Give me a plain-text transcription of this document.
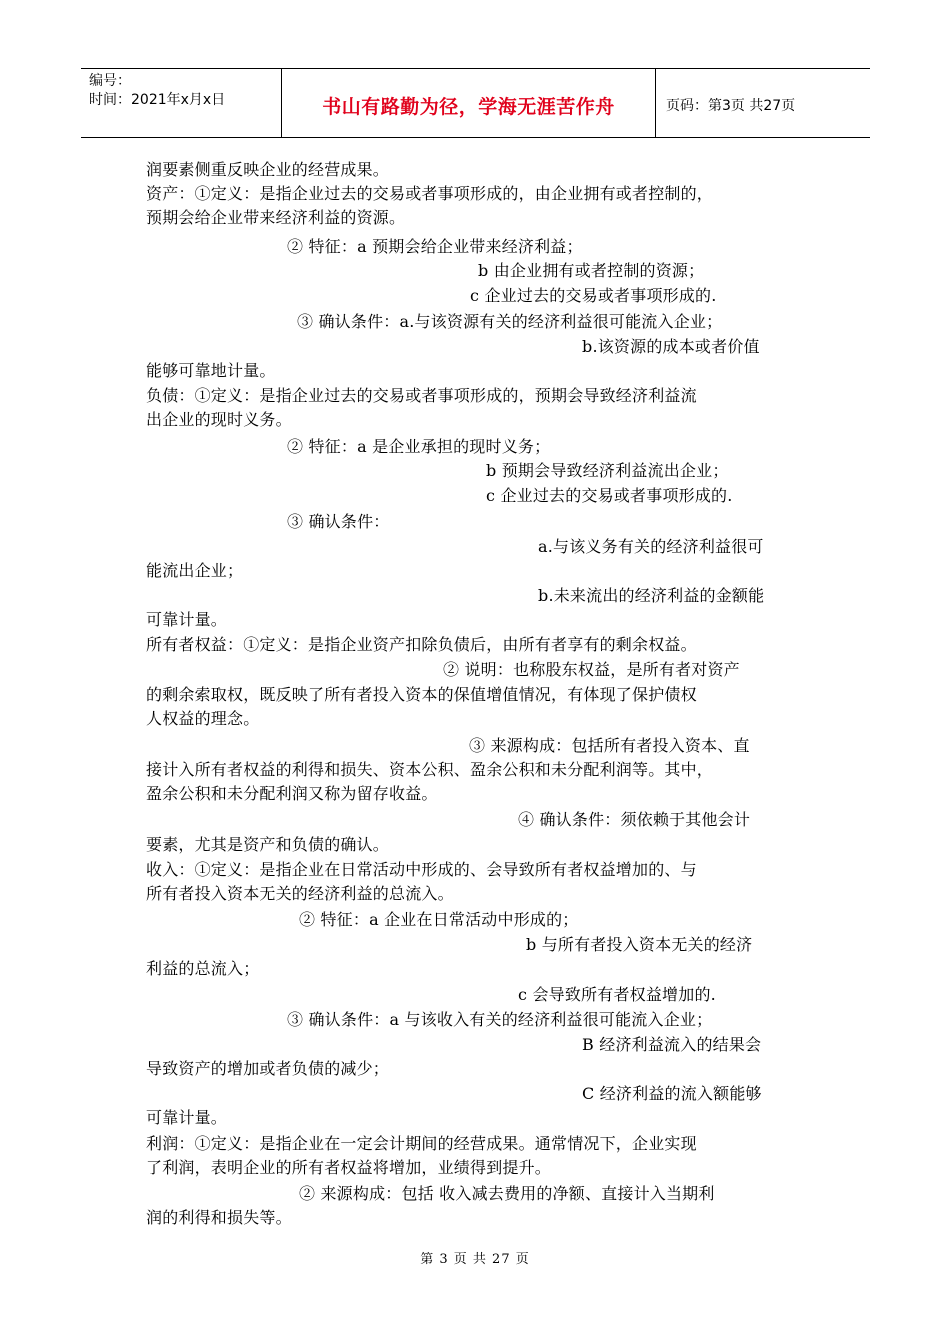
编号：
时间：2021年x月x日	书山有路勤为径，学海无涯苦作舟	页码：第3页 共27页
润要素侧重反映企业的经营成果。
资产：①定义：是指企业过去的交易或者事项形成的，由企业拥有或者控制的，
预期会给企业带来经济利益的资源。
② 特征：a 预期会给企业带来经济利益；
b 由企业拥有或者控制的资源；
c 企业过去的交易或者事项形成的.
③ 确认条件：a.与该资源有关的经济利益很可能流入企业；
b.该资源的成本或者价值
能够可靠地计量。
负债：①定义：是指企业过去的交易或者事项形成的，预期会导致经济利益流
出企业的现时义务。
② 特征：a 是企业承担的现时义务；
b 预期会导致经济利益流出企业；
c 企业过去的交易或者事项形成的.
③ 确认条件：
a.与该义务有关的经济利益很可
能流出企业；
b.未来流出的经济利益的金额能
可靠计量。
所有者权益：①定义：是指企业资产扣除负债后，由所有者享有的剩余权益。
② 说明：也称股东权益，是所有者对资产
的剩余索取权，既反映了所有者投入资本的保值增值情况，有体现了保护债权
人权益的理念。
③ 来源构成：包括所有者投入资本、直
接计入所有者权益的利得和损失、资本公积、盈余公积和未分配利润等。其中，
盈余公积和未分配利润又称为留存收益。
④ 确认条件：须依赖于其他会计
要素，尤其是资产和负债的确认。
收入：①定义：是指企业在日常活动中形成的、会导致所有者权益增加的、与
所有者投入资本无关的经济利益的总流入。
② 特征：a 企业在日常活动中形成的；
b 与所有者投入资本无关的经济
利益的总流入；
c 会导致所有者权益增加的.
③ 确认条件：a 与该收入有关的经济利益很可能流入企业；
B 经济利益流入的结果会
导致资产的增加或者负债的减少；
C 经济利益的流入额能够
可靠计量。
利润：①定义：是指企业在一定会计期间的经营成果。通常情况下，企业实现
了利润，表明企业的所有者权益将增加，业绩得到提升。
② 来源构成：包括 收入减去费用的净额、直接计入当期利
润的利得和损失等。
第 3 页 共 27 页
